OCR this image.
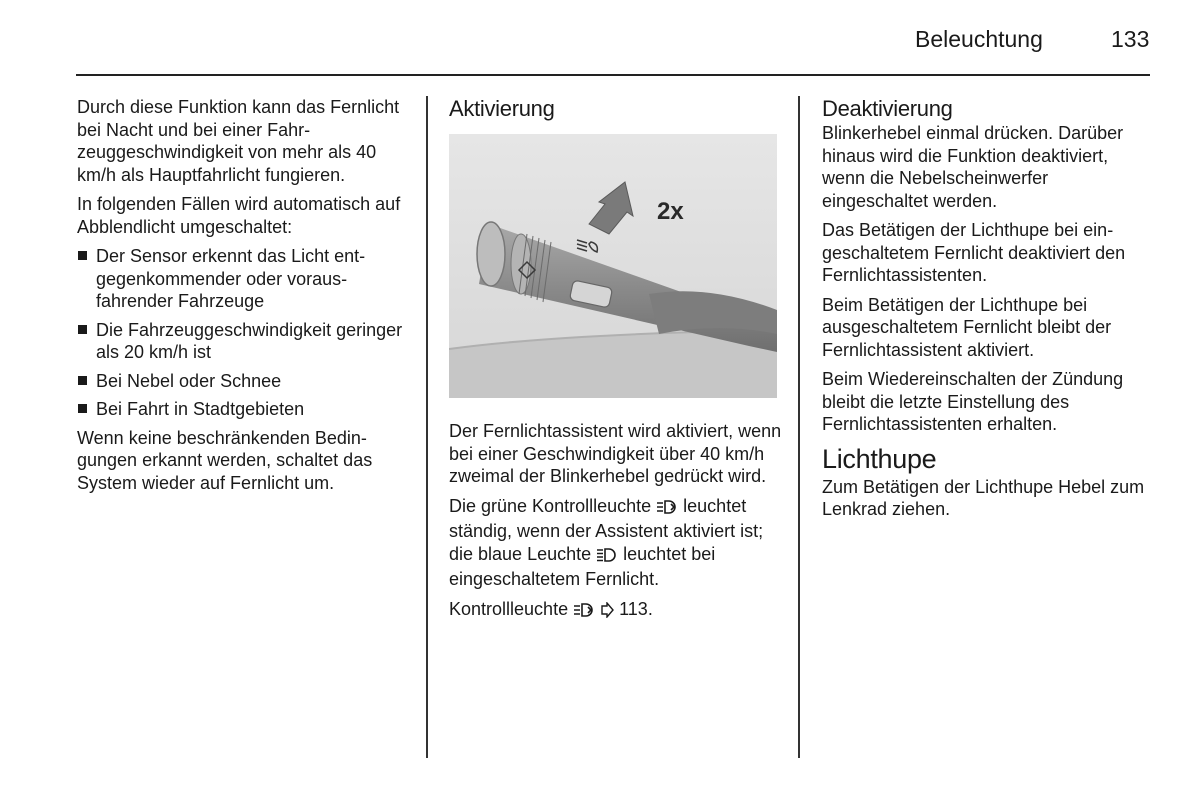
Beleuchtung	133

Durch diese Funktion kann das Fernlicht bei Nacht und bei einer Fahrzeuggeschwindigkeit von mehr als 40 km/h als Hauptfahrlicht fungieren.

In folgenden Fällen wird automatisch auf Abblendlicht umgeschaltet:

Der Sensor erkennt das Licht entgegenkommender oder vorausfahrender Fahrzeuge
Die Fahrzeuggeschwindigkeit geringer als 20 km/h ist
Bei Nebel oder Schnee
Bei Fahrt in Stadtgebieten

Wenn keine beschränkenden Bedingungen erkannt werden, schaltet das System wieder auf Fernlicht um.

Aktivierung
2x

Der Fernlichtassistent wird aktiviert, wenn bei einer Geschwindigkeit über 40 km/h zweimal der Blinkerhebel gedrückt wird.

Die grüne Kontrollleuchte leuchtet ständig, wenn der Assistent aktiviert ist; die blaue Leuchte leuchtet bei eingeschaltetem Fernlicht.

Kontrollleuchte	113.

Deaktivierung

Blinkerhebel einmal drücken. Darüber hinaus wird die Funktion deaktiviert, wenn die Nebelscheinwerfer eingeschaltet werden.

Das Betätigen der Lichthupe bei eingeschaltetem Fernlicht deaktiviert den Fernlichtassistenten.

Beim Betätigen der Lichthupe bei ausgeschaltetem Fernlicht bleibt der Fernlichtassistent aktiviert.

Beim Wiedereinschalten der Zündung bleibt die letzte Einstellung des Fernlichtassistenten erhalten.

Lichthupe

Zum Betätigen der Lichthupe Hebel zum Lenkrad ziehen.
